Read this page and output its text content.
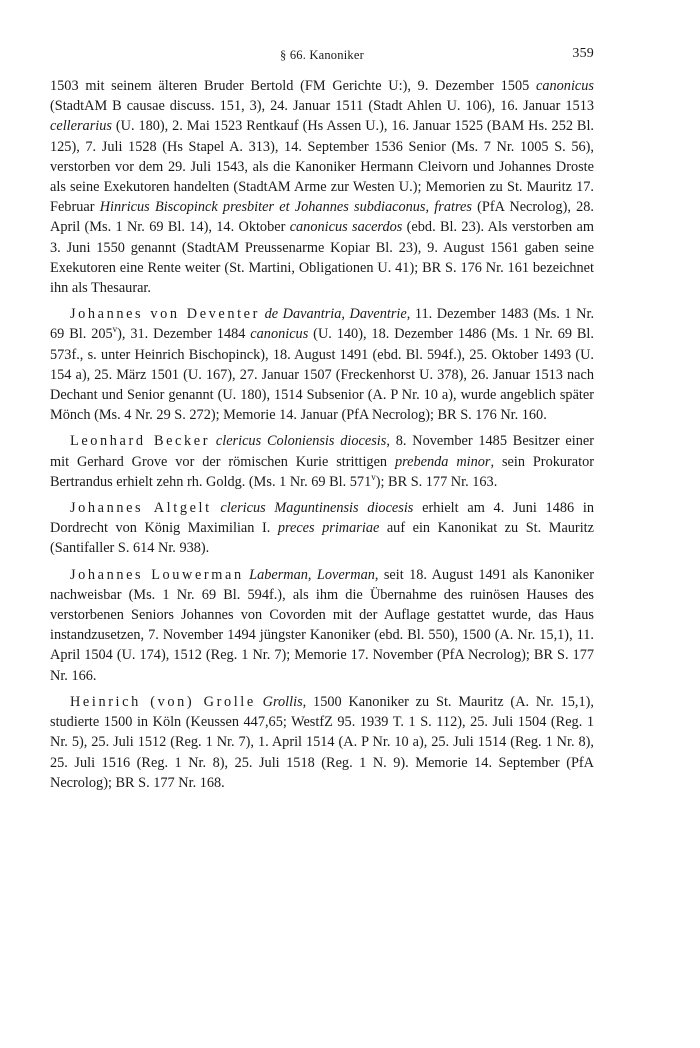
§ 66. Kanoniker	359

1503 mit seinem älteren Bruder Bertold (FM Gerichte U:), 9. Dezember 1505 canonicus (StadtAM B causae discuss. 151, 3), 24. Januar 1511 (Stadt Ahlen U. 106), 16. Januar 1513 cellerarius (U. 180), 2. Mai 1523 Rentkauf (Hs Assen U.), 16. Januar 1525 (BAM Hs. 252 Bl. 125), 7. Juli 1528 (Hs Stapel A. 313), 14. September 1536 Senior (Ms. 7 Nr. 1005 S. 56), verstorben vor dem 29. Juli 1543, als die Kanoniker Hermann Cleivorn und Johannes Droste als seine Exekutoren handelten (StadtAM Arme zur Westen U.); Memorien zu St. Mauritz 17. Februar Hinricus Biscopinck presbiter et Johannes subdiaconus, fratres (PfA Necrolog), 28. April (Ms. 1 Nr. 69 Bl. 14), 14. Oktober canonicus sacerdos (ebd. Bl. 23). Als verstorben am 3. Juni 1550 genannt (StadtAM Preussenarme Kopiar Bl. 23), 9. August 1561 gaben seine Exekutoren eine Rente weiter (St. Martini, Obligationen U. 41); BR S. 176 Nr. 161 bezeichnet ihn als Thesaurar.

Johannes von Deventer de Davantria, Daventrie, 11. Dezember 1483 (Ms. 1 Nr. 69 Bl. 205$^v$), 31. Dezember 1484 canonicus (U. 140), 18. Dezember 1486 (Ms. 1 Nr. 69 Bl. 573f., s. unter Heinrich Bischopinck), 18. August 1491 (ebd. Bl. 594f.), 25. Oktober 1493 (U. 154 a), 25. März 1501 (U. 167), 27. Januar 1507 (Freckenhorst U. 378), 26. Januar 1513 nach Dechant und Senior genannt (U. 180), 1514 Subsenior (A. P Nr. 10 a), wurde angeblich später Mönch (Ms. 4 Nr. 29 S. 272); Memorie 14. Januar (PfA Necrolog); BR S. 176 Nr. 160.

Leonhard Becker clericus Coloniensis diocesis, 8. November 1485 Besitzer einer mit Gerhard Grove vor der römischen Kurie strittigen prebenda minor, sein Prokurator Bertrandus erhielt zehn rh. Goldg. (Ms. 1 Nr. 69 Bl. 571$^v$); BR S. 177 Nr. 163.

Johannes Altgelt clericus Maguntinensis diocesis erhielt am 4. Juni 1486 in Dordrecht von König Maximilian I. preces primariae auf ein Kanonikat zu St. Mauritz (Santifaller S. 614 Nr. 938).

Johannes Louwerman Laberman, Loverman, seit 18. August 1491 als Kanoniker nachweisbar (Ms. 1 Nr. 69 Bl. 594f.), als ihm die Übernahme des ruinösen Hauses des verstorbenen Seniors Johannes von Covorden mit der Auflage gestattet wurde, das Haus instandzusetzen, 7. November 1494 jüngster Kanoniker (ebd. Bl. 550), 1500 (A. Nr. 15,1), 11. April 1504 (U. 174), 1512 (Reg. 1 Nr. 7); Memorie 17. November (PfA Necrolog); BR S. 177 Nr. 166.

Heinrich (von) Grolle Grollis, 1500 Kanoniker zu St. Mauritz (A. Nr. 15,1), studierte 1500 in Köln (Keussen 447,65; WestfZ 95. 1939 T. 1 S. 112), 25. Juli 1504 (Reg. 1 Nr. 5), 25. Juli 1512 (Reg. 1 Nr. 7), 1. April 1514 (A. P Nr. 10 a), 25. Juli 1514 (Reg. 1 Nr. 8), 25. Juli 1516 (Reg. 1 Nr. 8), 25. Juli 1518 (Reg. 1 N. 9). Memorie 14. September (PfA Necrolog); BR S. 177 Nr. 168.
